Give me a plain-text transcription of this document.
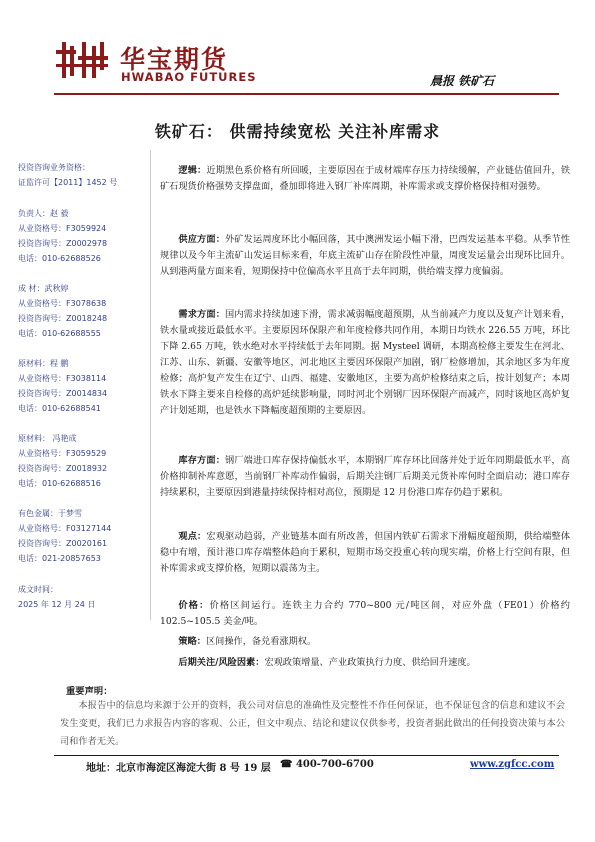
华宝期货
HWABAO FUTURES	晨报 铁矿石
铁矿石： 供需持续宽松 关注补库需求
投资咨询业务资格：
证监许可【2011】1452 号
负责人：赵 毅
从业资格号：F3059924
投资咨询号：Z0002978
电话：010-62688526
成 材：武秋婷
从业资格号：F3078638
投资咨询号：Z0018248
电话：010-62688555
原材料：程 鹏
从业资格号：F3038114
投资咨询号：Z0014834
电话：010-62688541
原材料： 冯艳成
从业资格号：F3059529
投资咨询号：Z0018932
电话：010-62688516
有色金属：于梦雪
从业资格号：F03127144
投资咨询号：Z0020161
电话：021-20857653
成文时间：
2025 年 12 月 24 日
逻辑：近期黑色系价格有所回暖，主要原因在于成材端库存压力持续缓解，产业链估值回升，铁矿石现货价格强势支撑盘面，叠加即将进入钢厂补库周期，补库需求或支撑价格保持相对强势。
供应方面：外矿发运周度环比小幅回落，其中澳洲发运小幅下滑，巴西发运基本平稳。从季节性规律以及今年主流矿山发运目标来看，年底主流矿山存在阶段性冲量，周度发运量会出现环比回升。从到港两量方面来看，短期保持中位偏高水平且高于去年同期，供给端支撑力度偏弱。
需求方面：国内需求持续加速下滑，需求减弱幅度超预期，从当前减产力度以及复产计划来看，铁水量或接近最低水平。主要原因环保限产和年度检修共同作用，本期日均铁水 226.55 万吨，环比下降 2.65 万吨，铁水绝对水平持续低于去年同期。据 Mysteel 调研，本期高检修主要发生在河北、江苏、山东、新疆、安徽等地区，河北地区主要因环保限产加剧，钢厂检修增加，其余地区多为年度检修；高炉复产发生在辽宁、山西、福建、安徽地区，主要为高炉检修结束之后，按计划复产；本周铁水下降主要来自检修的高炉延续影响量，同时河北个别钢厂因环保限产而减产，同时该地区高炉复产计划延期，也是铁水下降幅度超预期的主要原因。
库存方面：钢厂端进口库存保持偏低水平，本期钢厂库存环比回落并处于近年同期最低水平，高价格抑制补库意愿，当前钢厂补库动作偏弱，后期关注钢厂后期美元货补库何时全面启动；港口库存持续累积，主要原因到港量持续保持相对高位，预期是 12 月份港口库存仍趋于累积。
观点：宏观驱动趋弱，产业链基本面有所改善，但国内铁矿石需求下滑幅度超预期，供给端整体稳中有增，预计港口库存端整体趋向于累积，短期市场交投重心转向现实端，价格上行空间有限，但补库需求或支撑价格，短期以震荡为主。
价格：价格区间运行。连铁主力合约 770~800 元/吨区间，对应外盘（FE01）价格约 102.5~105.5 美金/吨。
策略：区间操作，备兑看涨期权。
后期关注/风险因素：宏观政策增量、产业政策执行力度、供给回升速度。
重要声明：
本报告中的信息均来源于公开的资料，我公司对信息的准确性及完整性不作任何保证，也不保证包含的信息和建议不会发生变更，我们已力求报告内容的客观、公正，但文中观点、结论和建议仅供参考，投资者据此做出的任何投资决策与本公司和作者无关。
地址：北京市海淀区海淀大街 8 号 19 层 ☎ 400-700-6700	www.zgfcc.com
